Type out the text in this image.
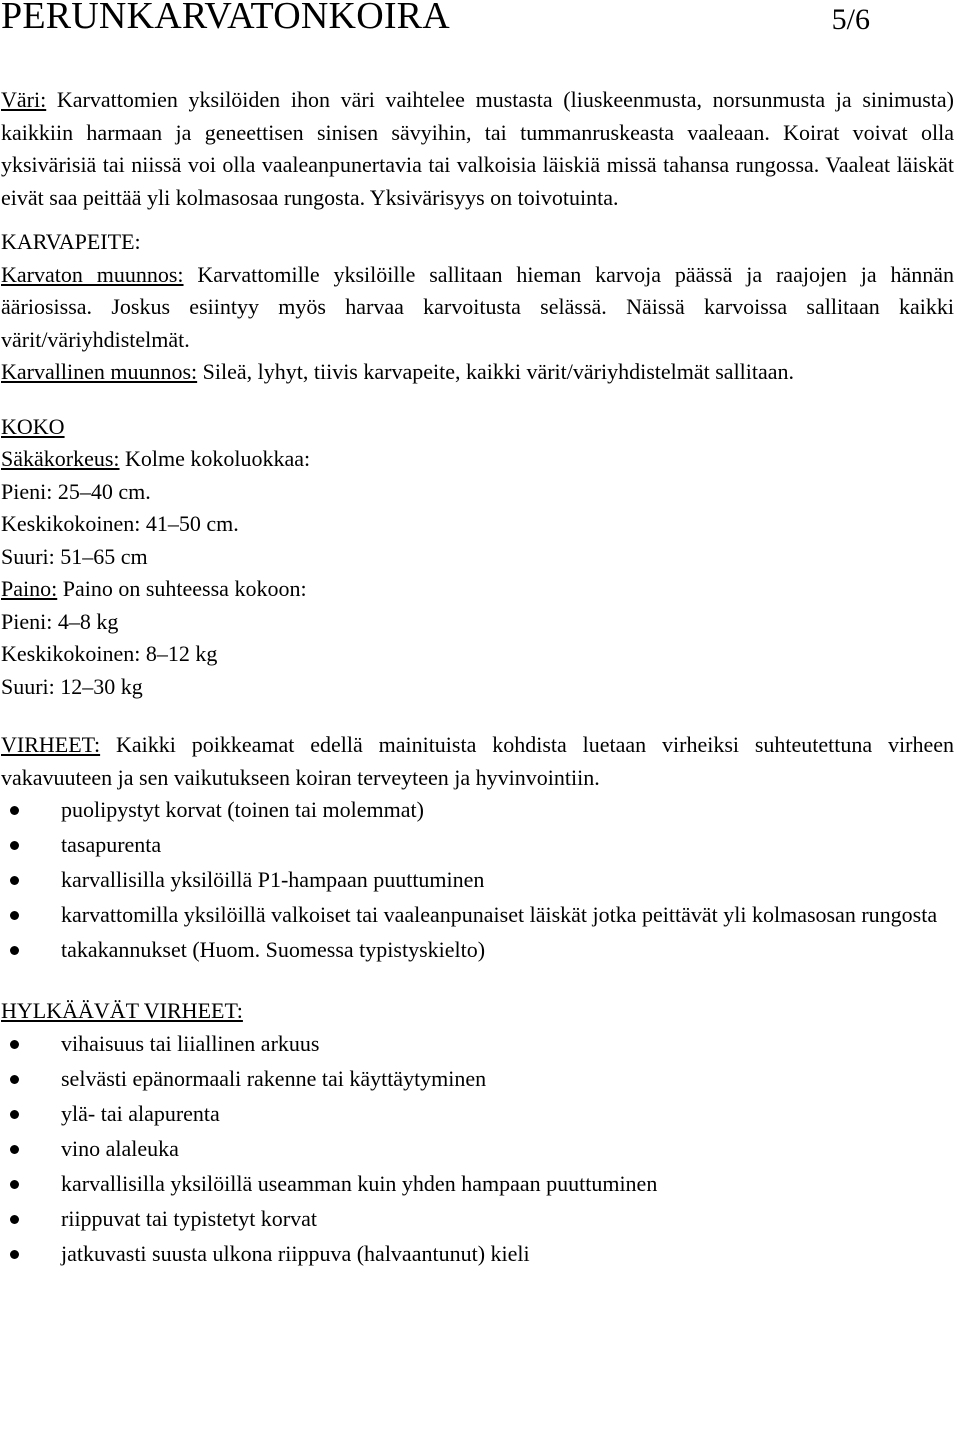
PERUNKARVATONKOIRA	5/6

Väri: Karvattomien yksilöiden ihon väri vaihtelee mustasta (liuskeenmusta, norsunmusta ja sinimusta) kaikkiin harmaan ja geneettisen sinisen sävyihin, tai tummanruskeasta vaaleaan. Koirat voivat olla yksivärisiä tai niissä voi olla vaaleanpunertavia tai valkoisia läiskiä missä tahansa rungossa. Vaaleat läiskät eivät saa peittää yli kolmasosaa rungosta. Yksivärisyys on toivotuinta.

KARVAPEITE:

Karvaton muunnos: Karvattomille yksilöille sallitaan hieman karvoja päässä ja raajojen ja hännän ääriosissa. Joskus esiintyy myös harvaa karvoitusta selässä. Näissä karvoissa sallitaan kaikki värit/väriyhdistelmät.

Karvallinen muunnos: Sileä, lyhyt, tiivis karvapeite, kaikki värit/väriyhdistelmät sallitaan.

KOKO

Säkäkorkeus: Kolme kokoluokkaa:

Pieni: 25–40 cm.

Keskikokoinen: 41–50 cm.

Suuri: 51–65 cm

Paino: Paino on suhteessa kokoon:

Pieni: 4–8 kg

Keskikokoinen: 8–12 kg

Suuri: 12–30 kg

VIRHEET: Kaikki poikkeamat edellä mainituista kohdista luetaan virheiksi suhteutettuna virheen vakavuuteen ja sen vaikutukseen koiran terveyteen ja hyvinvointiin.

puolipystyt korvat (toinen tai molemmat)
tasapurenta
karvallisilla yksilöillä P1-hampaan puuttuminen
karvattomilla yksilöillä valkoiset tai vaaleanpunaiset läiskät jotka peittävät yli kolmasosan rungosta
takakannukset (Huom. Suomessa typistyskielto)

HYLKÄÄVÄT VIRHEET:

vihaisuus tai liiallinen arkuus
selvästi epänormaali rakenne tai käyttäytyminen
ylä- tai alapurenta
vino alaleuka
karvallisilla yksilöillä useamman kuin yhden hampaan puuttuminen
riippuvat tai typistetyt korvat
jatkuvasti suusta ulkona riippuva (halvaantunut) kieli
